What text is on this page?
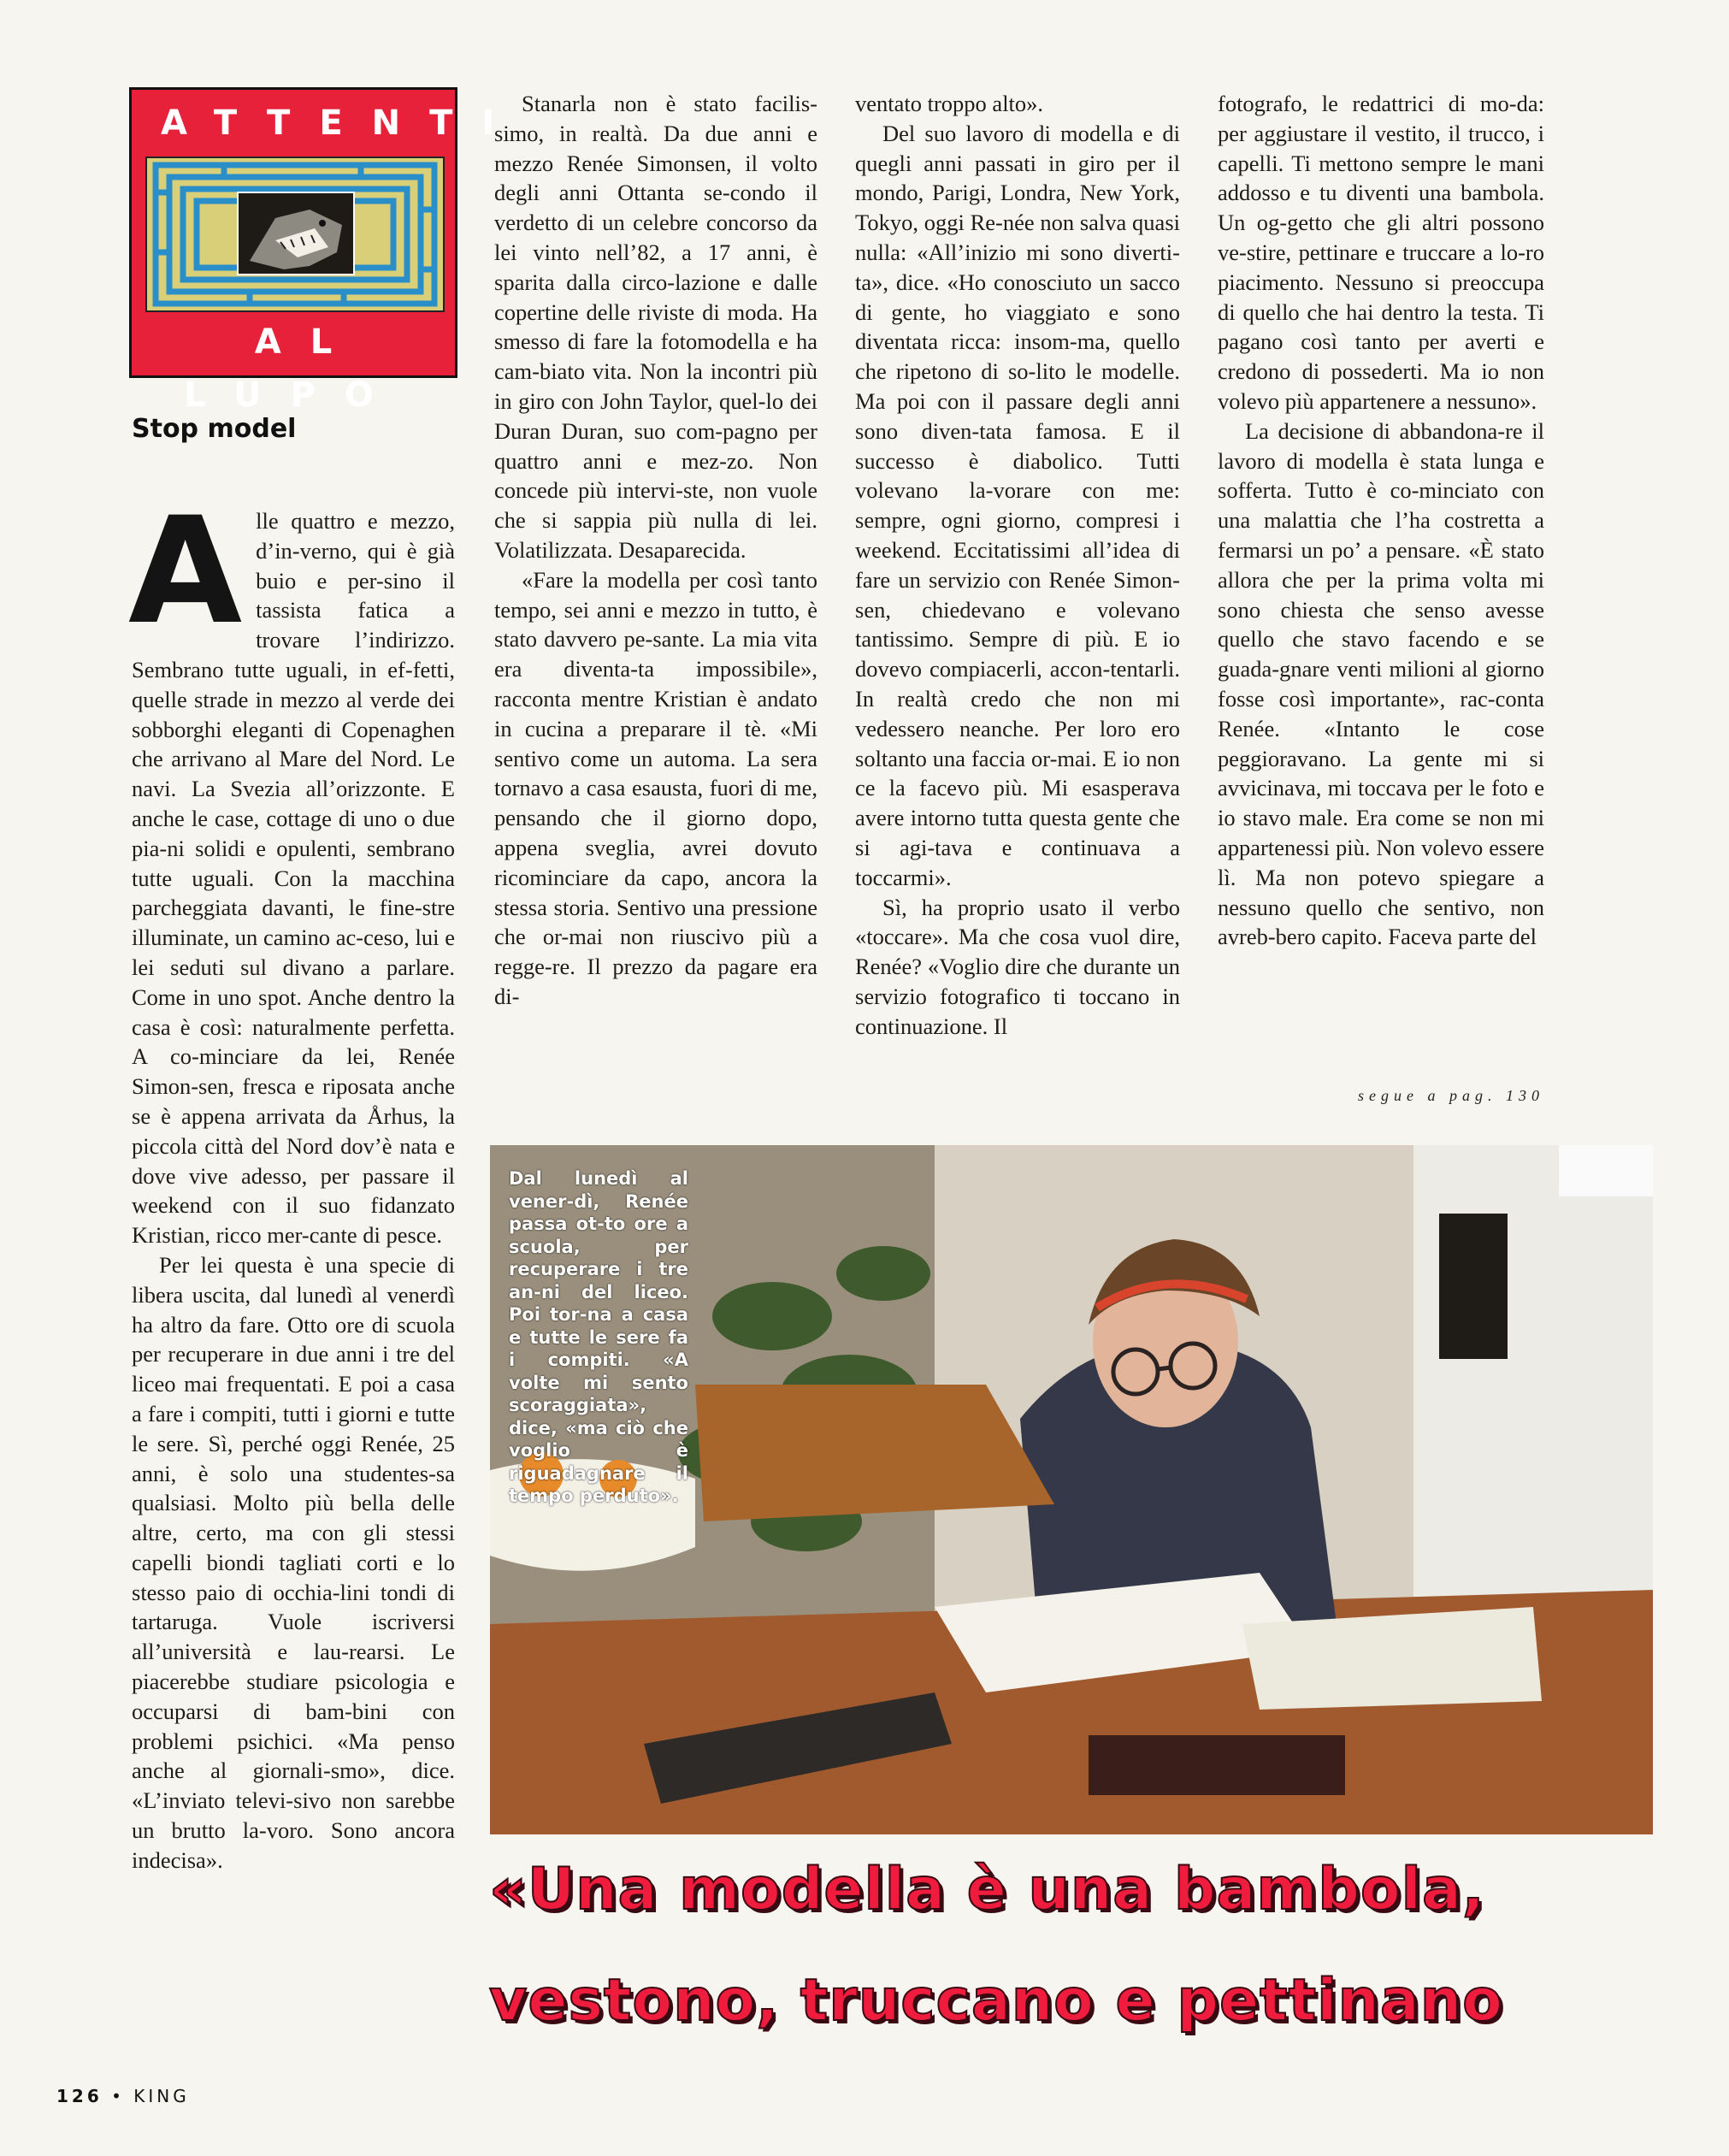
ATTENTI
AL LUPO
Stop model

Alle quattro e mezzo, d’in-verno, qui è già buio e per-sino il tassista fatica a trovare l’indirizzo. Sembrano tutte uguali, in ef-fetti, quelle strade in mezzo al verde dei sobborghi eleganti di Copenaghen che arrivano al Mare del Nord. Le navi. La Svezia all’orizzonte. E anche le case, cottage di uno o due pia-ni solidi e opulenti, sembrano tutte uguali. Con la macchina parcheggiata davanti, le fine-stre illuminate, un camino ac-ceso, lui e lei seduti sul divano a parlare. Come in uno spot. Anche dentro la casa è così: naturalmente perfetta. A co-minciare da lei, Renée Simon-sen, fresca e riposata anche se è appena arrivata da Århus, la piccola città del Nord dov’è nata e dove vive adesso, per passare il weekend con il suo fidanzato Kristian, ricco mer-cante di pesce.

Per lei questa è una specie di libera uscita, dal lunedì al venerdì ha altro da fare. Otto ore di scuola per recuperare in due anni i tre del liceo mai frequentati. E poi a casa a fare i compiti, tutti i giorni e tutte le sere. Sì, perché oggi Renée, 25 anni, è solo una studentes-sa qualsiasi. Molto più bella delle altre, certo, ma con gli stessi capelli biondi tagliati corti e lo stesso paio di occhia-lini tondi di tartaruga. Vuole iscriversi all’università e lau-rearsi. Le piacerebbe studiare psicologia e occuparsi di bam-bini con problemi psichici. «Ma penso anche al giornali-smo», dice. «L’inviato televi-sivo non sarebbe un brutto la-voro. Sono ancora indecisa».

Stanarla non è stato facilis-simo, in realtà. Da due anni e mezzo Renée Simonsen, il volto degli anni Ottanta se-condo il verdetto di un celebre concorso da lei vinto nell’82, a 17 anni, è sparita dalla circo-lazione e dalle copertine delle riviste di moda. Ha smesso di fare la fotomodella e ha cam-biato vita. Non la incontri più in giro con John Taylor, quel-lo dei Duran Duran, suo com-pagno per quattro anni e mez-zo. Non concede più intervi-ste, non vuole che si sappia più nulla di lei. Volatilizzata. Desaparecida.

«Fare la modella per così tanto tempo, sei anni e mezzo in tutto, è stato davvero pe-sante. La mia vita era diventa-ta impossibile», racconta mentre Kristian è andato in cucina a preparare il tè. «Mi sentivo come un automa. La sera tornavo a casa esausta, fuori di me, pensando che il giorno dopo, appena sveglia, avrei dovuto ricominciare da capo, ancora la stessa storia. Sentivo una pressione che or-mai non riuscivo più a regge-re. Il prezzo da pagare era di-

ventato troppo alto».

Del suo lavoro di modella e di quegli anni passati in giro per il mondo, Parigi, Londra, New York, Tokyo, oggi Re-née non salva quasi nulla: «All’inizio mi sono diverti-ta», dice. «Ho conosciuto un sacco di gente, ho viaggiato e sono diventata ricca: insom-ma, quello che ripetono di so-lito le modelle. Ma poi con il passare degli anni sono diven-tata famosa. E il successo è diabolico. Tutti volevano la-vorare con me: sempre, ogni giorno, compresi i weekend. Eccitatissimi all’idea di fare un servizio con Renée Simon-sen, chiedevano e volevano tantissimo. Sempre di più. E io dovevo compiacerli, accon-tentarli. In realtà credo che non mi vedessero neanche. Per loro ero soltanto una faccia or-mai. E io non ce la facevo più. Mi esasperava avere intorno tutta questa gente che si agi-tava e continuava a toccarmi».

Sì, ha proprio usato il verbo «toccare». Ma che cosa vuol dire, Renée? «Voglio dire che durante un servizio fotografico ti toccano in continuazione. Il

fotografo, le redattrici di mo-da: per aggiustare il vestito, il trucco, i capelli. Ti mettono sempre le mani addosso e tu diventi una bambola. Un og-getto che gli altri possono ve-stire, pettinare e truccare a lo-ro piacimento. Nessuno si preoccupa di quello che hai dentro la testa. Ti pagano così tanto per averti e credono di possederti. Ma io non volevo più appartenere a nessuno».

La decisione di abbandona-re il lavoro di modella è stata lunga e sofferta. Tutto è co-minciato con una malattia che l’ha costretta a fermarsi un po’ a pensare. «È stato allora che per la prima volta mi sono chiesta che senso avesse quello che stavo facendo e se guada-gnare venti milioni al giorno fosse così importante», rac-conta Renée. «Intanto le cose peggioravano. La gente mi si avvicinava, mi toccava per le foto e io stavo male. Era come se non mi appartenessi più. Non volevo essere lì. Ma non potevo spiegare a nessuno quello che sentivo, non avreb-bero capito. Faceva parte del

segue a pag. 130
Dal lunedì al vener-dì, Renée passa ot-to ore a scuola, per recuperare i tre an-ni del liceo. Poi tor-na a casa e tutte le sere fa i compiti. «A volte mi sento scoraggiata», dice, «ma ciò che voglio è riguadagnare il tempo perduto».
«Una modella è una bambola,
vestono, truccano e pettinano
126 • KING
